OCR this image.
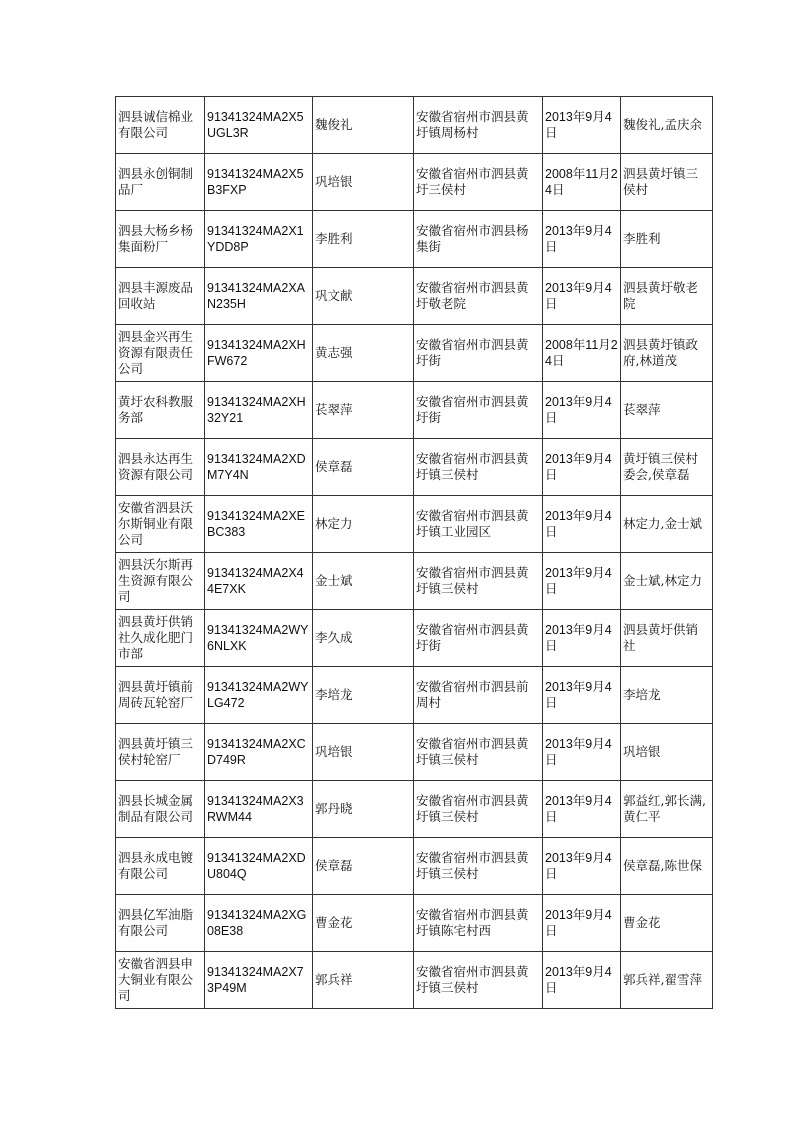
泗县诚信棉业有限公司	91341324MA2X5UGL3R	魏俊礼	安徽省宿州市泗县黄圩镇周杨村	2013年9月4日	魏俊礼,孟庆余
泗县永创铜制品厂	91341324MA2X5B3FXP	巩培银	安徽省宿州市泗县黄圩三侯村	2008年11月24日	泗县黄圩镇三侯村
泗县大杨乡杨集面粉厂	91341324MA2X1YDD8P	李胜利	安徽省宿州市泗县杨集街	2013年9月4日	李胜利
泗县丰源废品回收站	91341324MA2XAN235H	巩文献	安徽省宿州市泗县黄圩敬老院	2013年9月4日	泗县黄圩敬老院
泗县金兴再生资源有限责任公司	91341324MA2XHFW672	黄志强	安徽省宿州市泗县黄圩街	2008年11月24日	泗县黄圩镇政府,林道茂
黄圩农科教服务部	91341324MA2XH32Y21	苌翠萍	安徽省宿州市泗县黄圩街	2013年9月4日	苌翠萍
泗县永达再生资源有限公司	91341324MA2XDM7Y4N	侯章磊	安徽省宿州市泗县黄圩镇三侯村	2013年9月4日	黄圩镇三侯村委会,侯章磊
安徽省泗县沃尔斯铜业有限公司	91341324MA2XEBC383	林定力	安徽省宿州市泗县黄圩镇工业园区	2013年9月4日	林定力,金士斌
泗县沃尔斯再生资源有限公司	91341324MA2X44E7XK	金士斌	安徽省宿州市泗县黄圩镇三侯村	2013年9月4日	金士斌,林定力
泗县黄圩供销社久成化肥门市部	91341324MA2WY6NLXK	李久成	安徽省宿州市泗县黄圩街	2013年9月4日	泗县黄圩供销社
泗县黄圩镇前周砖瓦轮窑厂	91341324MA2WYLG472	李培龙	安徽省宿州市泗县前周村	2013年9月4日	李培龙
泗县黄圩镇三侯村轮窑厂	91341324MA2XCD749R	巩培银	安徽省宿州市泗县黄圩镇三侯村	2013年9月4日	巩培银
泗县长城金属制品有限公司	91341324MA2X3RWM44	郭丹晓	安徽省宿州市泗县黄圩镇三侯村	2013年9月4日	郭益红,郭长满,黄仁平
泗县永成电镀有限公司	91341324MA2XDU804Q	侯章磊	安徽省宿州市泗县黄圩镇三侯村	2013年9月4日	侯章磊,陈世保
泗县亿军油脂有限公司	91341324MA2XG08E38	曹金花	安徽省宿州市泗县黄圩镇陈宅村西	2013年9月4日	曹金花
安徽省泗县申大铜业有限公司	91341324MA2X73P49M	郭兵祥	安徽省宿州市泗县黄圩镇三侯村	2013年9月4日	郭兵祥,翟雪萍
